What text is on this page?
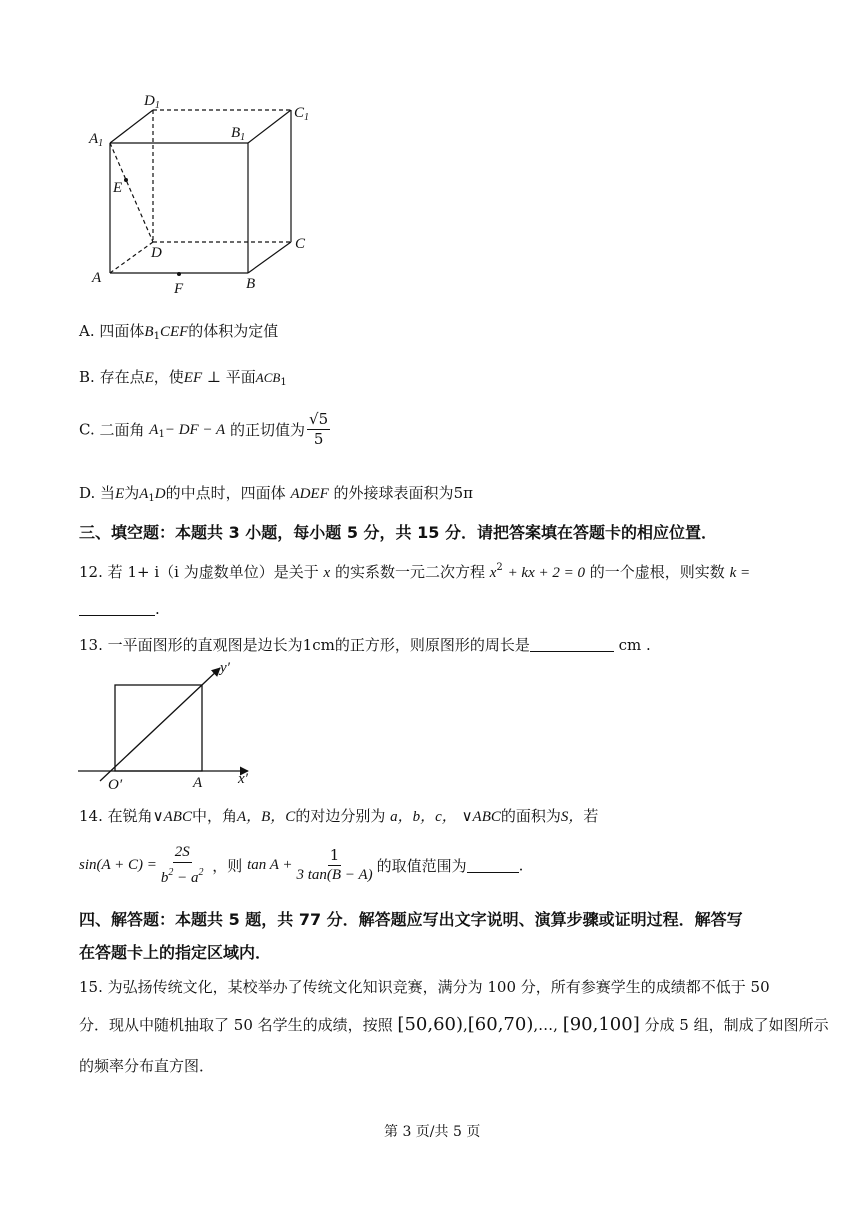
$D_1$	$C_1$
$A_1$
$B_1$
E
D
C
A
F	B
A. 四面体$B_1CEF$的体积为定值
B. 存在点E，使EF ⊥ 平面$ACB_1$
C. 二面角 $A_1-$ DF − A 的正切值为 $\frac{√5}{5}$
D. 当E为$A_1D$的中点时，四面体 ADEF 的外接球表面积为5π
三、填空题：本题共 3 小题，每小题 5 分，共 15 分．请把答案填在答题卡的相应位置．
12. 若 1+ i（i 为虚数单位）是关于 x 的实系数一元二次方程 $x^2$ + kx + 2 = 0 的一个虚根，则实数 k =
.
13. 一平面图形的直观图是边长为1cm的正方形，则原图形的周长是	cm .
y′
x′
O′	A
14. 在锐角∨ABC中，角A，B，C的对边分别为 a，b，c， ∨ABC的面积为S，若
$\sin(A + C) = \frac{2S}{b^2 - a^2}$ ，则 $\tan A + \frac{1}{3 \tan(B - A)}$ 的取值范围为	.
四、解答题：本题共 5 题，共 77 分．解答题应写出文字说明、演算步骤或证明过程．解答写
在答题卡上的指定区域内．
15. 为弘扬传统文化，某校举办了传统文化知识竞赛，满分为 100 分，所有参赛学生的成绩都不低于 50
分．现从中随机抽取了 50 名学生的成绩，按照 [50,60),[60,70),…, [90,100] 分成 5 组，制成了如图所示
的频率分布直方图．
第 3 页/共 5 页
